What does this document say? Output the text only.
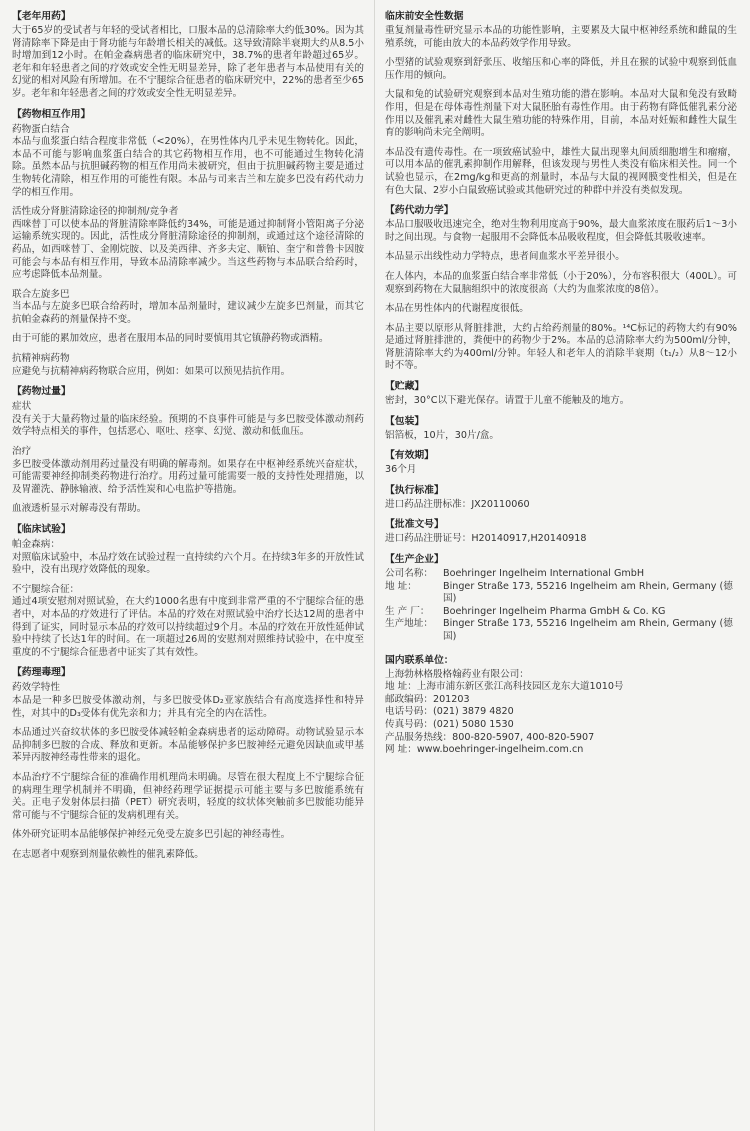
【老年用药】

大于65岁的受试者与年轻的受试者相比，口服本品的总清除率大约低30%。因为其肾清除率下降是由于肾功能与年龄增长相关的减低。这导致清除半衰期大约从8.5小时增加到12小时。在帕金森病患者的临床研究中，38.7%的患者年龄超过65岁。老年和年轻患者之间的疗效或安全性无明显差异，除了老年患者与本品使用有关的幻觉的相对风险有所增加。在不宁腿综合征患者的临床研究中，22%的患者至少65岁。老年和年轻患者之间的疗效或安全性无明显差异。

【药物相互作用】
药物蛋白结合

本品与血浆蛋白结合程度非常低（<20%），在男性体内几乎未见生物转化。因此，本品不可能与影响血浆蛋白结合的其它药物相互作用，也不可能通过生物转化清除。虽然本品与抗胆碱药物的相互作用尚未被研究，但由于抗胆碱药物主要是通过生物转化清除，相互作用的可能性有限。本品与司来吉兰和左旋多巴没有药代动力学的相互作用。

活性成分肾脏清除途径的抑制剂/竞争者

西咪替丁可以使本品的肾脏清除率降低约34%，可能是通过抑制肾小管阳离子分泌运输系统实现的。因此，活性成分肾脏清除途径的抑制剂，或通过这个途径清除的药品，如西咪替丁、金刚烷胺、以及美西律、齐多夫定、顺铂、奎宁和普鲁卡因胺可能会与本品有相互作用，导致本品清除率减少。当这些药物与本品联合给药时，应考虑降低本品剂量。

联合左旋多巴

当本品与左旋多巴联合给药时，增加本品剂量时，建议减少左旋多巴剂量，而其它抗帕金森药的剂量保持不变。

由于可能的累加效应，患者在服用本品的同时要慎用其它镇静药物或酒精。

抗精神病药物

应避免与抗精神病药物联合应用，例如：如果可以预见拮抗作用。

【药物过量】
症状

没有关于大量药物过量的临床经验。预期的不良事件可能是与多巴胺受体激动剂药效学特点相关的事件，包括恶心、呕吐、痉挛、幻觉、激动和低血压。

治疗

多巴胺受体激动剂用药过量没有明确的解毒剂。如果存在中枢神经系统兴奋症状，可能需要神经抑制类药物进行治疗。用药过量可能需要一般的支持性处理措施，以及胃灌洗、静脉输液、给予活性炭和心电监护等措施。

血液透析显示对解毒没有帮助。

【临床试验】
帕金森病：

对照临床试验中，本品疗效在试验过程一直持续约六个月。在持续3年多的开放性试验中，没有出现疗效降低的现象。

不宁腿综合征：

通过4项安慰剂对照试验，在大约1000名患有中度到非常严重的不宁腿综合征的患者中，对本品的疗效进行了评估。本品的疗效在对照试验中治疗长达12周的患者中得到了证实，同时显示本品的疗效可以持续超过9个月。本品的疗效在开放性延伸试验中持续了长达1年的时间。在一项超过26周的安慰剂对照维持试验中，在中度至重度的不宁腿综合征患者中证实了其有效性。

【药理毒理】
药效学特性

本品是一种多巴胺受体激动剂，与多巴胺受体D₂亚家族结合有高度选择性和特异性，对其中的D₃受体有优先亲和力；并具有完全的内在活性。

本品通过兴奋纹状体的多巴胺受体减轻帕金森病患者的运动障碍。动物试验显示本品抑制多巴胺的合成、释放和更新。本品能够保护多巴胺神经元避免因缺血或甲基苯异丙胺神经毒性带来的退化。

本品治疗不宁腿综合征的准确作用机理尚未明确。尽管在很大程度上不宁腿综合征的病理生理学机制并不明确，但神经药理学证据提示可能主要与多巴胺能系统有关。正电子发射体层扫描（PET）研究表明，轻度的纹状体突触前多巴胺能功能异常可能与不宁腿综合征的发病机理有关。

体外研究证明本品能够保护神经元免受左旋多巴引起的神经毒性。

在志愿者中观察到剂量依赖性的催乳素降低。

临床前安全性数据

重复剂量毒性研究显示本品的功能性影响，主要累及大鼠中枢神经系统和雌鼠的生殖系统，可能由放大的本品药效学作用导致。

小型猪的试验观察到舒张压、收缩压和心率的降低，并且在猴的试验中观察到低血压作用的倾向。

大鼠和兔的试验研究观察到本品对生殖功能的潜在影响。本品对大鼠和兔没有致畸作用，但是在母体毒性剂量下对大鼠胚胎有毒性作用。由于药物有降低催乳素分泌作用以及催乳素对雌性大鼠生殖功能的特殊作用，目前，本品对妊娠和雌性大鼠生育的影响尚未完全阐明。

本品没有遗传毒性。在一项致癌试验中，雄性大鼠出现睾丸间质细胞增生和瘤瘤，可以用本品的催乳素抑制作用解释，但该发现与男性人类没有临床相关性。同一个试验也显示，在2mg/kg和更高的剂量时，本品与大鼠的视网膜变性相关，但是在有色大鼠、2岁小白鼠致癌试验或其他研究过的种群中并没有类似发现。

【药代动力学】

本品口服吸收迅速完全，绝对生物利用度高于90%，最大血浆浓度在服药后1～3小时之间出现。与食物一起服用不会降低本品吸收程度，但会降低其吸收速率。

本品显示出线性动力学特点，患者间血浆水平差异很小。

在人体内，本品的血浆蛋白结合率非常低（小于20%），分布容积很大（400L）。可观察到药物在大鼠脑组织中的浓度很高（大约为血浆浓度的8倍）。

本品在男性体内的代谢程度很低。

本品主要以原形从肾脏排泄，大约占给药剂量的80%。¹⁴C标记的药物大约有90%是通过肾脏排泄的，粪便中的药物少于2%。本品的总清除率大约为500ml/分钟，肾脏清除率大约为400ml/分钟。年轻人和老年人的消除半衰期（t₁/₂）从8～12小时不等。

【贮藏】

密封，30°C以下避光保存。请置于儿童不能触及的地方。

【包装】

铝箔板，10片，30片/盒。

【有效期】

36个月

【执行标准】

进口药品注册标准：JX20110060

【批准文号】

进口药品注册证号：H20140917,H20140918

【生产企业】
公司名称：	Boehringer Ingelheim International GmbH
地 址：	Binger Straße 173, 55216 Ingelheim am Rhein, Germany (德国)
生 产 厂：	Boehringer Ingelheim Pharma GmbH & Co. KG
生产地址：	Binger Straße 173, 55216 Ingelheim am Rhein, Germany (德国)
国内联系单位：
上海勃林格殷格翰药业有限公司：
地 址：上海市浦东新区张江高科技园区龙东大道1010号
邮政编码：201203
电话号码：(021) 3879 4820
传真号码：(021) 5080 1530
产品服务热线：800-820-5907, 400-820-5907
网 址：www.boehringer-ingelheim.com.cn
